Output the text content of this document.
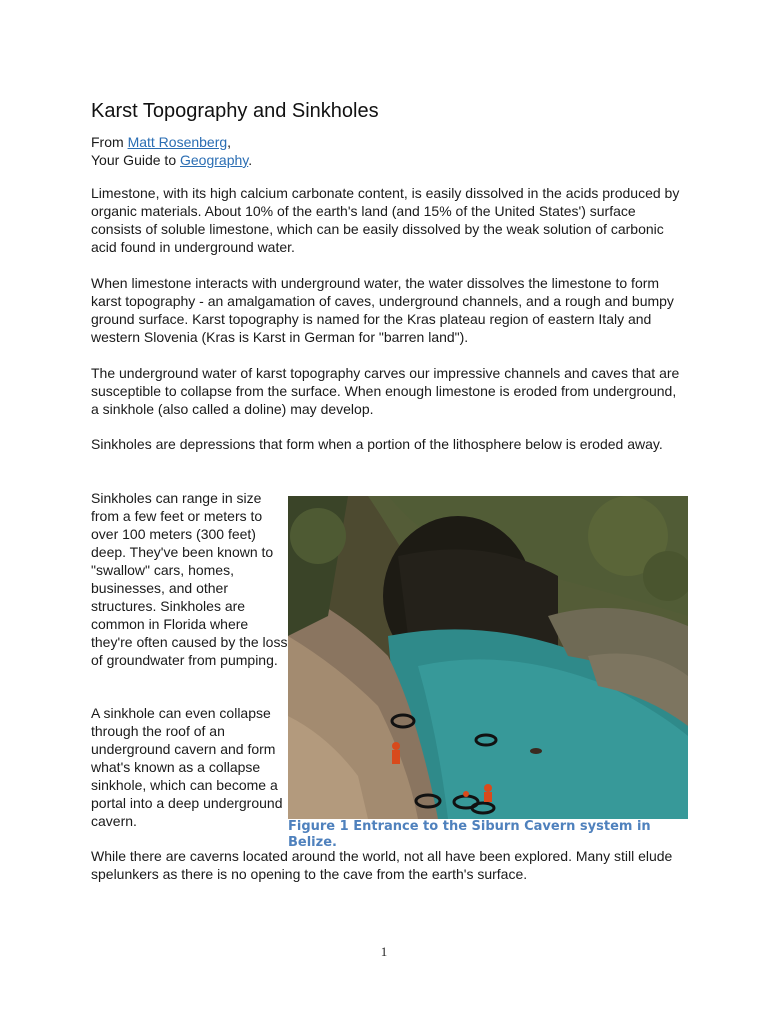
Karst Topography and Sinkholes
From Matt Rosenberg,
Your Guide to Geography.

Limestone, with its high calcium carbonate content, is easily dissolved in the acids produced by organic materials. About 10% of the earth's land (and 15% of the United States') surface consists of soluble limestone, which can be easily dissolved by the weak solution of carbonic acid found in underground water.

When limestone interacts with underground water, the water dissolves the limestone to form karst topography - an amalgamation of caves, underground channels, and a rough and bumpy ground surface. Karst topography is named for the Kras plateau region of eastern Italy and western Slovenia (Kras is Karst in German for "barren land").

The underground water of karst topography carves our impressive channels and caves that are susceptible to collapse from the surface. When enough limestone is eroded from underground, a sinkhole (also called a doline) may develop.

Sinkholes are depressions that form when a portion of the lithosphere below is eroded away.

Sinkholes can range in size from a few feet or meters to over 100 meters (300 feet) deep. They've been known to "swallow" cars, homes, businesses, and other structures. Sinkholes are common in Florida where they're often caused by the loss of groundwater from pumping.

A sinkhole can even collapse through the roof of an underground cavern and form what's known as a collapse sinkhole, which can become a portal into a deep underground cavern.	Figure 1 Entrance to the Siburn Cavern system in Belize.

While there are caverns located around the world, not all have been explored. Many still elude spelunkers as there is no opening to the cave from the earth's surface.

1
